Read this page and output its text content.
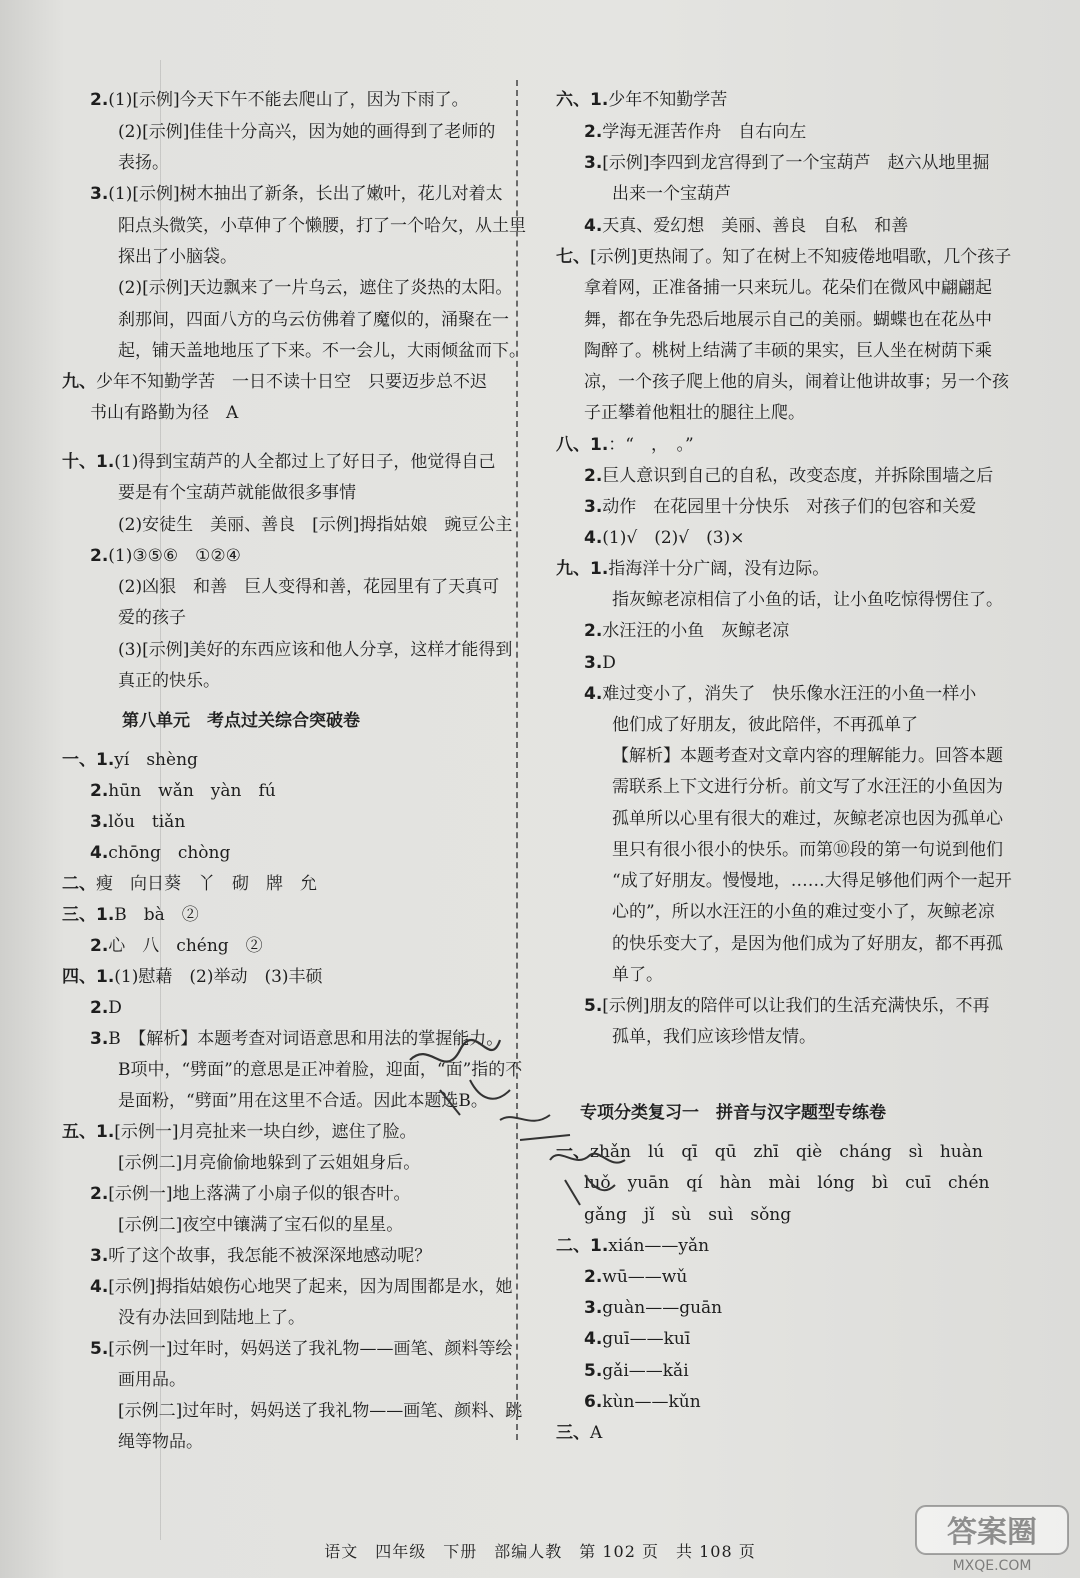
2.(1)[示例]今天下午不能去爬山了，因为下雨了。
(2)[示例]佳佳十分高兴，因为她的画得到了老师的
表扬。
3.(1)[示例]树木抽出了新条，长出了嫩叶，花儿对着太
阳点头微笑，小草伸了个懒腰，打了一个哈欠，从土里
探出了小脑袋。
(2)[示例]天边飘来了一片乌云，遮住了炎热的太阳。
刹那间，四面八方的乌云仿佛着了魔似的，涌聚在一
起，铺天盖地地压了下来。不一会儿，大雨倾盆而下。
九、少年不知勤学苦　一日不读十日空　只要迈步总不迟
书山有路勤为径　A
十、1.(1)得到宝葫芦的人全都过上了好日子，他觉得自己
要是有个宝葫芦就能做很多事情
(2)安徒生　美丽、善良　[示例]拇指姑娘　豌豆公主
2.(1)③⑤⑥　①②④
(2)凶狠　和善　巨人变得和善，花园里有了天真可
爱的孩子
(3)[示例]美好的东西应该和他人分享，这样才能得到
真正的快乐。
一、1.yí　shèng
2.hūn　wǎn　yàn　fú
3.lǒu　tiǎn
4.chōng　chòng
二、瘦　向日葵　丫　砌　牌　允
三、1.B　bà　②
2.心　八　chéng　②
四、1.(1)慰藉　(2)举动　(3)丰硕
2.D
3.B　【解析】本题考查对词语意思和用法的掌握能力。
B项中，“劈面”的意思是正冲着脸，迎面，“面”指的不
是面粉，“劈面”用在这里不合适。因此本题选B。
五、1.[示例一]月亮扯来一块白纱，遮住了脸。
[示例二]月亮偷偷地躲到了云姐姐身后。
2.[示例一]地上落满了小扇子似的银杏叶。
[示例二]夜空中镶满了宝石似的星星。
3.听了这个故事，我怎能不被深深地感动呢？
4.[示例]拇指姑娘伤心地哭了起来，因为周围都是水，她
没有办法回到陆地上了。
5.[示例一]过年时，妈妈送了我礼物——画笔、颜料等绘
画用品。
[示例二]过年时，妈妈送了我礼物——画笔、颜料、跳
绳等物品。
第八单元　考点过关综合突破卷
六、1.少年不知勤学苦
2.学海无涯苦作舟　自右向左
3.[示例]李四到龙宫得到了一个宝葫芦　赵六从地里掘
出来一个宝葫芦
4.天真、爱幻想　美丽、善良　自私　和善
七、[示例]更热闹了。知了在树上不知疲倦地唱歌，几个孩子
拿着网，正准备捕一只来玩儿。花朵们在微风中翩翩起
舞，都在争先恐后地展示自己的美丽。蝴蝶也在花丛中
陶醉了。桃树上结满了丰硕的果实，巨人坐在树荫下乘
凉，一个孩子爬上他的肩头，闹着让他讲故事；另一个孩
子正攀着他粗壮的腿往上爬。
八、1.：“　，　。”
2.巨人意识到自己的自私，改变态度，并拆除围墙之后
3.动作　在花园里十分快乐　对孩子们的包容和关爱
4.(1)√　(2)√　(3)×
九、1.指海洋十分广阔，没有边际。
指灰鲸老凉相信了小鱼的话，让小鱼吃惊得愣住了。
2.水汪汪的小鱼　灰鲸老凉
3.D
4.难过变小了，消失了　快乐像水汪汪的小鱼一样小
他们成了好朋友，彼此陪伴，不再孤单了
【解析】本题考查对文章内容的理解能力。回答本题
需联系上下文进行分析。前文写了水汪汪的小鱼因为
孤单所以心里有很大的难过，灰鲸老凉也因为孤单心
里只有很小很小的快乐。而第⑩段的第一句说到他们
“成了好朋友。慢慢地，……大得足够他们两个一起开
心的”，所以水汪汪的小鱼的难过变小了，灰鲸老凉
的快乐变大了，是因为他们成为了好朋友，都不再孤
单了。
5.[示例]朋友的陪伴可以让我们的生活充满快乐，不再
孤单，我们应该珍惜友情。
一、zhǎn　lú　qī　qū　zhī　qiè　cháng　sì　huàn
luǒ　yuān　qí　hàn　mài　lóng　bì　cuī　chén
gǎng　jǐ　sù　suì　sǒng
二、1.xián——yǎn
2.wū——wǔ
3.guàn——guān
4.guī——kuī
5.gǎi——kǎi
6.kùn——kǔn
三、A
专项分类复习一　拼音与汉字题型专练卷
语文　四年级　下册　部编人教　第 102 页　共 108 页
答案圈
MXQE.COM
